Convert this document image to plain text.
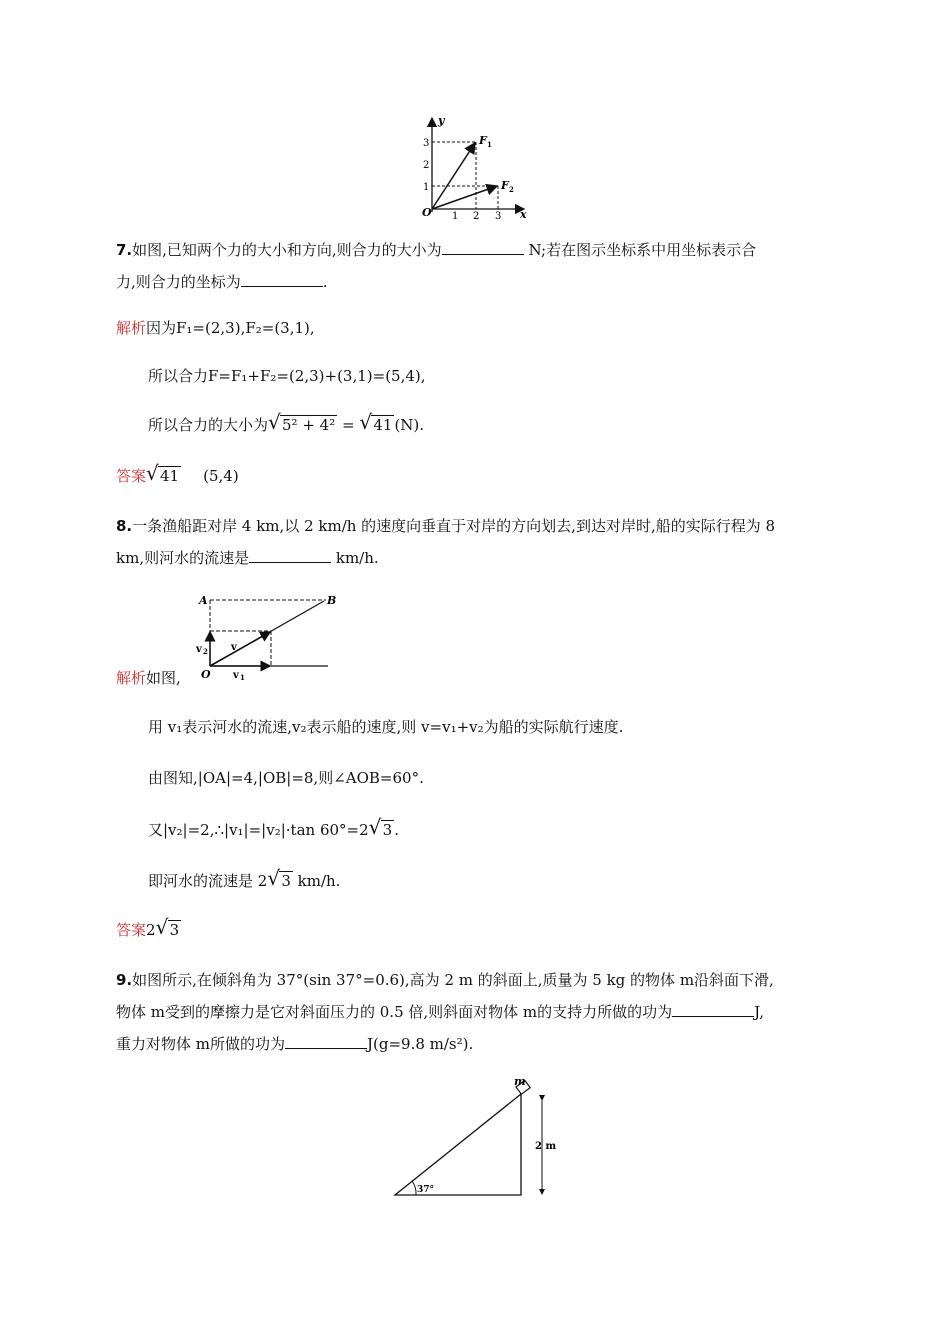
y
x
O 1 2 3
1
2
3	F 1
F 2
7.如图,已知两个力的大小和方向,则合力的大小为	N;若在图示坐标系中用坐标表示合
力,则合力的坐标为	.
解析因为F₁=(2,3),F₂=(3,1),
所以合力F=F₁+F₂=(2,3)+(3,1)=(5,4),
所以合力的大小为 √ 5² + 4² = √ 41 (N).
答案 √ 41 (5,4)
8.一条渔船距对岸 4 km,以 2 km/h 的速度向垂直于对岸的方向划去,到达对岸时,船的实际行程为 8
km,则河水的流速是	km/h.
A	B
O
v
v 1
v 2
解析如图,
用 v₁表示河水的流速,v₂表示船的速度,则 v=v₁+v₂为船的实际航行速度.
由图知,|OA|=4,|OB|=8,则∠AOB=60°.
又|v₂|=2,∴|v₁|=|v₂|·tan 60°=2 √ 3 .
即河水的流速是 2 √ 3 km/h.
答案2 √ 3
9.如图所示,在倾斜角为 37°(sin 37°=0.6),高为 2 m 的斜面上,质量为 5 kg 的物体 m沿斜面下滑,
物体 m受到的摩擦力是它对斜面压力的 0.5 倍,则斜面对物体 m的支持力所做的功为	J,
重力对物体 m所做的功为	J(g=9.8 m/s²).
m
2 m
37°
